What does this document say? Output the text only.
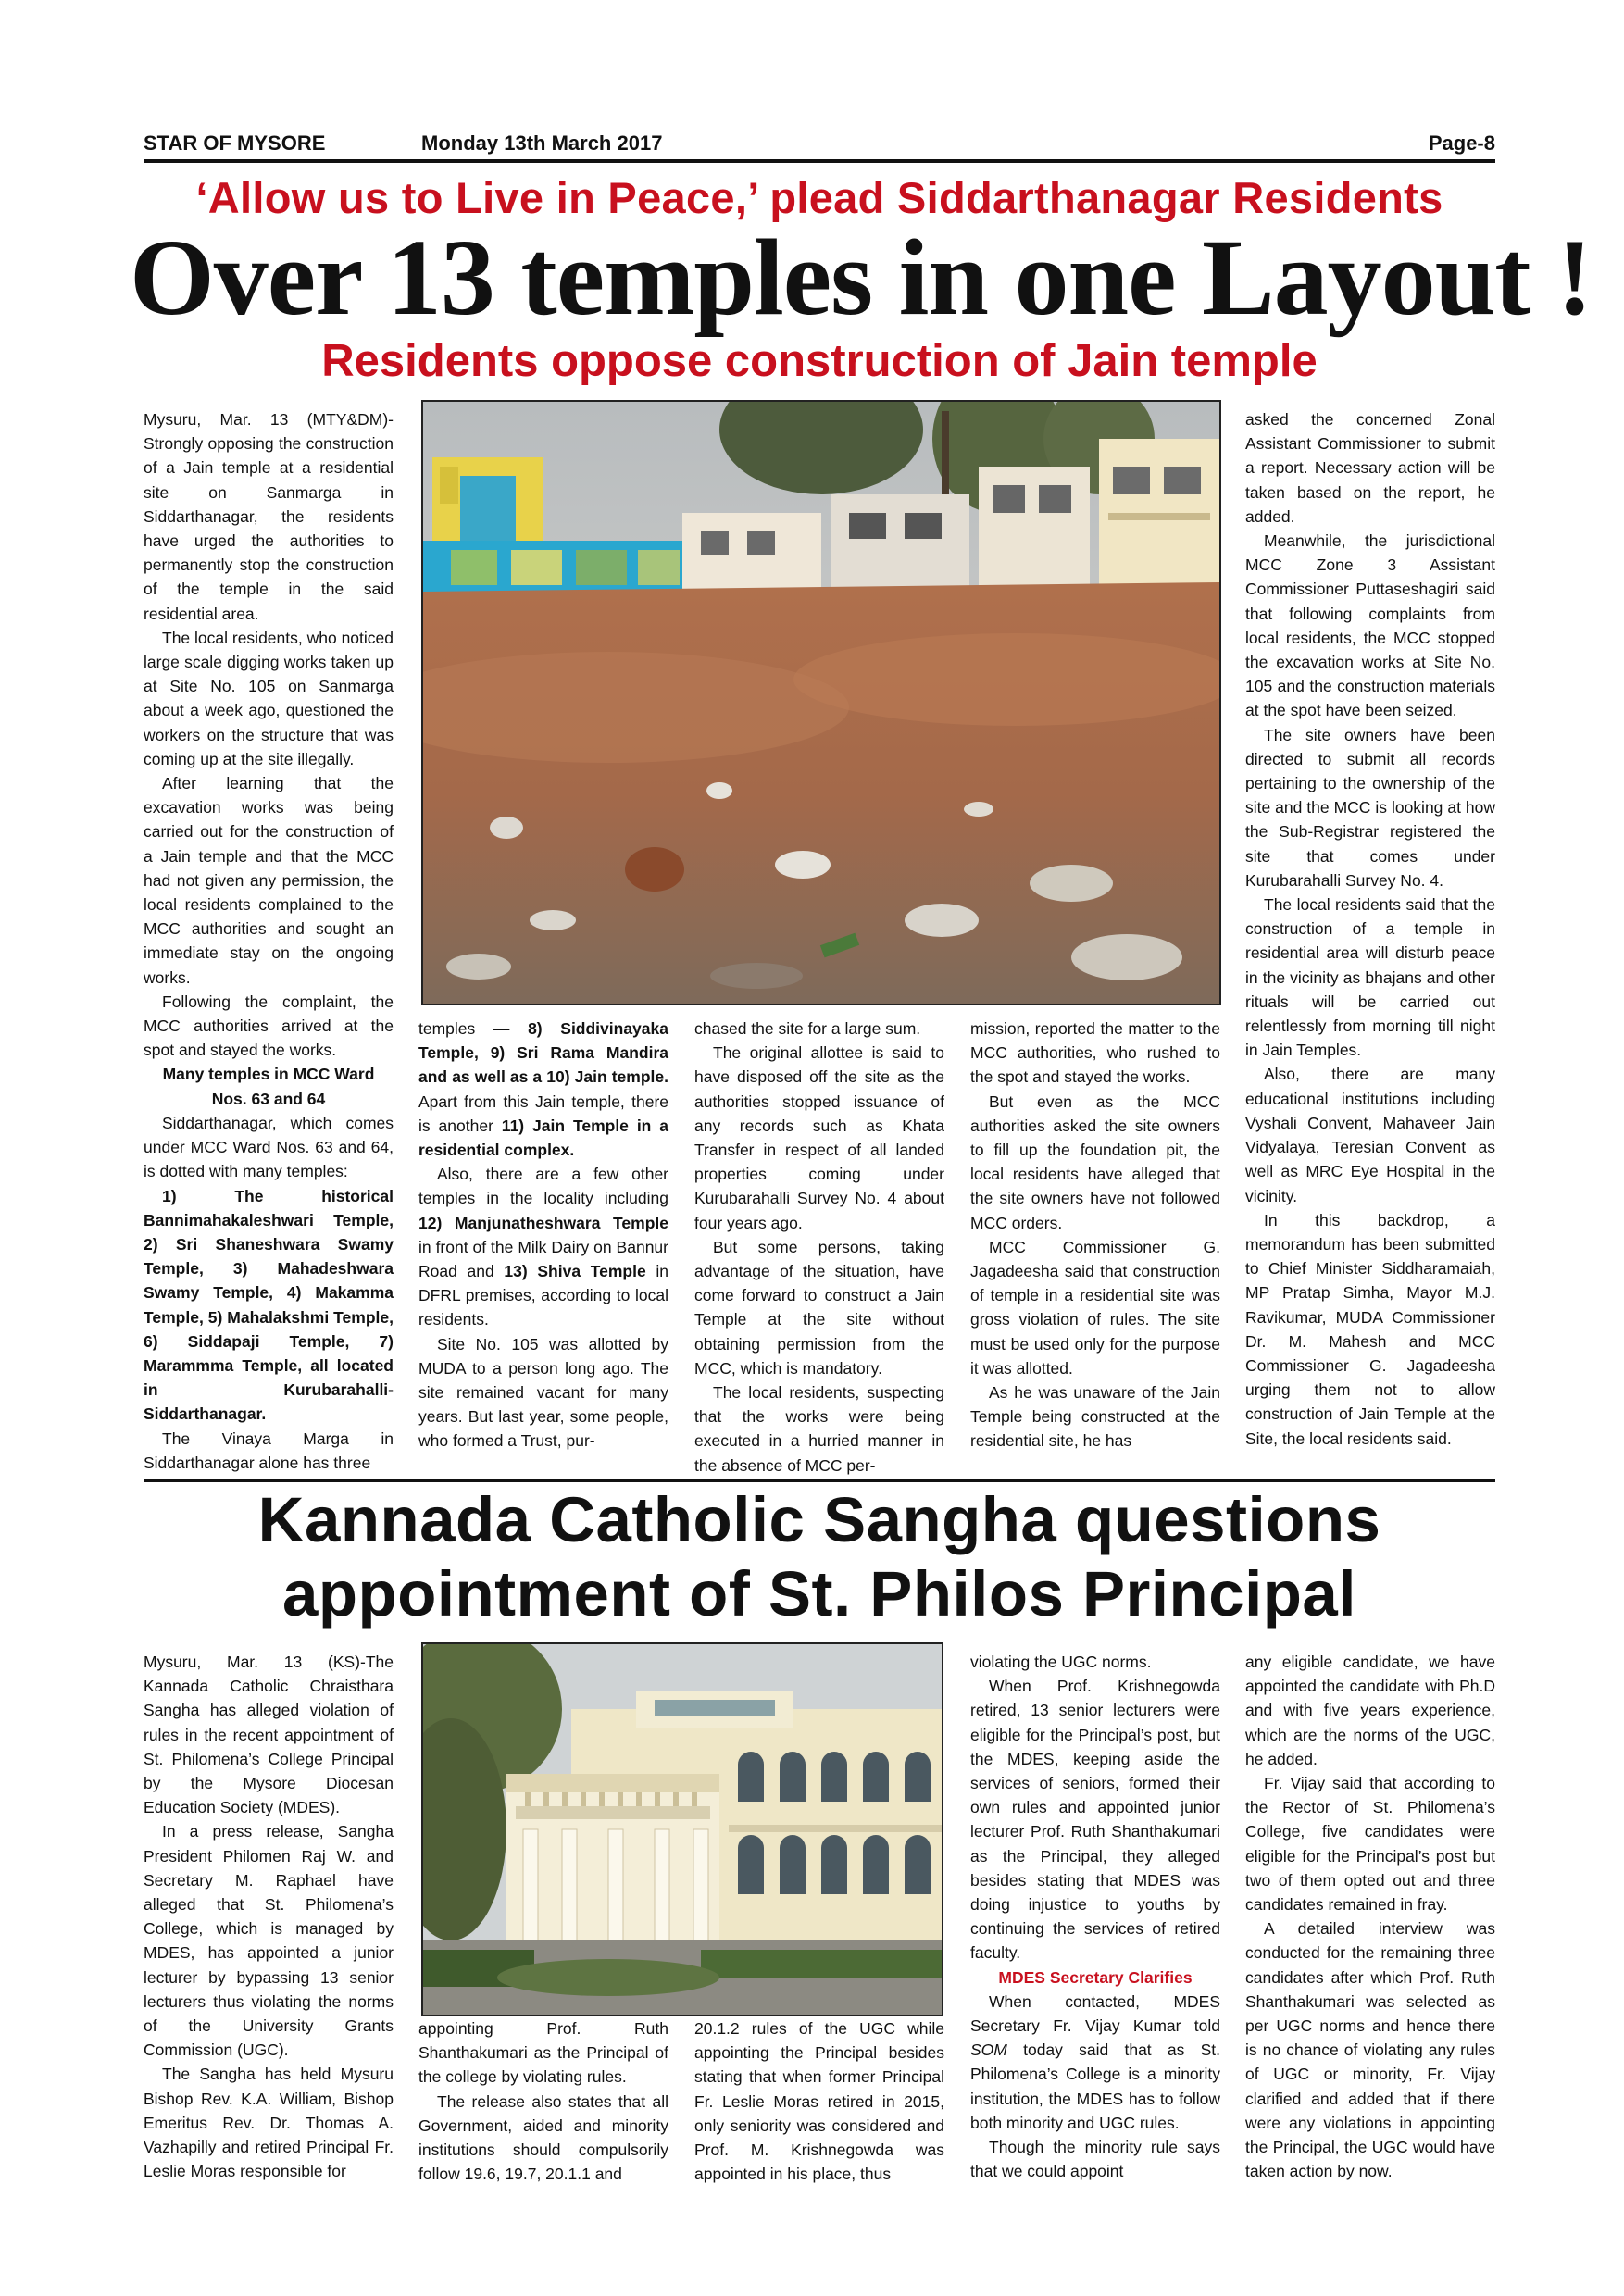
STAR OF MYSORE	Monday 13th March 2017	Page-8
‘Allow us to Live in Peace,’ plead Siddarthanagar Residents
Over 13 temples in one Layout !
Residents oppose construction of Jain temple

Mysuru, Mar. 13 (MTY&DM)- Strongly opposing the construction of a Jain temple at a residential site on Sanmarga in Siddarthanagar, the residents have urged the authorities to permanently stop the construction of the temple in the said residential area.

The local residents, who noticed large scale digging works taken up at Site No. 105 on Sanmarga about a week ago, questioned the workers on the structure that was coming up at the site illegally.

After learning that the excavation works was being carried out for the construction of a Jain temple and that the MCC had not given any permission, the local residents complained to the MCC authorities and sought an immediate stay on the ongoing works.

Following the complaint, the MCC authorities arrived at the spot and stayed the works.

Many temples in MCC Ward Nos. 63 and 64

Siddarthanagar, which comes under MCC Ward Nos. 63 and 64, is dotted with many temples:

1) The historical Bannimahakaleshwari Temple, 2) Sri Shaneshwara Swamy Temple, 3) Mahadeshwara Swamy Temple, 4) Makamma Temple, 5) Mahalakshmi Temple, 6) Siddapaji Temple, 7) Marammma Temple, all located in Kurubarahalli-Siddarthanagar.

The Vinaya Marga in Siddarthanagar alone has three

temples — 8) Siddivinayaka Temple, 9) Sri Rama Mandira and as well as a 10) Jain temple. Apart from this Jain temple, there is another 11) Jain Temple in a residential complex.

Also, there are a few other temples in the locality including 12) Manjunatheshwara Temple in front of the Milk Dairy on Bannur Road and 13) Shiva Temple in DFRL premises, according to local residents.

Site No. 105 was allotted by MUDA to a person long ago. The site remained vacant for many years. But last year, some people, who formed a Trust, pur-

chased the site for a large sum.

The original allottee is said to have disposed off the site as the authorities stopped issuance of any records such as Khata Transfer in respect of all landed properties coming under Kurubarahalli Survey No. 4 about four years ago.

But some persons, taking advantage of the situation, have come forward to construct a Jain Temple at the site without obtaining permission from the MCC, which is mandatory.

The local residents, suspecting that the works were being executed in a hurried manner in the absence of MCC per-

mission, reported the matter to the MCC authorities, who rushed to the spot and stayed the works.

But even as the MCC authorities asked the site owners to fill up the foundation pit, the local residents have alleged that the site owners have not followed MCC orders.

MCC Commissioner G. Jagadeesha said that construction of temple in a residential site was gross violation of rules. The site must be used only for the purpose it was allotted.

As he was unaware of the Jain Temple being constructed at the residential site, he has

asked the concerned Zonal Assistant Commissioner to submit a report. Necessary action will be taken based on the report, he added.

Meanwhile, the jurisdictional MCC Zone 3 Assistant Commissioner Puttaseshagiri said that following complaints from local residents, the MCC stopped the excavation works at Site No. 105 and the construction materials at the spot have been seized.

The site owners have been directed to submit all records pertaining to the ownership of the site and the MCC is looking at how the Sub-Registrar registered the site that comes under Kurubarahalli Survey No. 4.

The local residents said that the construction of a temple in residential area will disturb peace in the vicinity as bhajans and other rituals will be carried out relentlessly from morning till night in Jain Temples.

Also, there are many educational institutions including Vyshali Convent, Mahaveer Jain Vidyalaya, Teresian Convent as well as MRC Eye Hospital in the vicinity.

In this backdrop, a memorandum has been submitted to Chief Minister Siddharamaiah, MP Pratap Simha, Mayor M.J. Ravikumar, MUDA Commissioner Dr. M. Mahesh and MCC Commissioner G. Jagadeesha urging them not to allow construction of Jain Temple at the Site, the local residents said.

Kannada Catholic Sangha questions
appointment of St. Philos Principal

Mysuru, Mar. 13 (KS)-The Kannada Catholic Chraisthara Sangha has alleged violation of rules in the recent appointment of St. Philomena’s College Principal by the Mysore Diocesan Education Society (MDES).

In a press release, Sangha President Philomen Raj W. and Secretary M. Raphael have alleged that St. Philomena’s College, which is managed by MDES, has appointed a junior lecturer by bypassing 13 senior lecturers thus violating the norms of the University Grants Commission (UGC).

The Sangha has held Mysuru Bishop Rev. K.A. William, Bishop Emeritus Rev. Dr. Thomas A. Vazhapilly and retired Principal Fr. Leslie Moras responsible for

appointing Prof. Ruth Shanthakumari as the Principal of the college by violating rules.

The release also states that all Government, aided and minority institutions should compulsorily follow 19.6, 19.7, 20.1.1 and

20.1.2 rules of the UGC while appointing the Principal besides stating that when former Principal Fr. Leslie Moras retired in 2015, only seniority was considered and Prof. M. Krishnegowda was appointed in his place, thus

violating the UGC norms.

When Prof. Krishnegowda retired, 13 senior lecturers were eligible for the Principal’s post, but the MDES, keeping aside the services of seniors, formed their own rules and appointed junior lecturer Prof. Ruth Shanthakumari as the Principal, they alleged besides stating that MDES was doing injustice to youths by continuing the services of retired faculty.

MDES Secretary Clarifies

When contacted, MDES Secretary Fr. Vijay Kumar told SOM today said that as St. Philomena’s College is a minority institution, the MDES has to follow both minority and UGC rules.

Though the minority rule says that we could appoint

any eligible candidate, we have appointed the candidate with Ph.D and with five years experience, which are the norms of the UGC, he added.

Fr. Vijay said that according to the Rector of St. Philomena’s College, five candidates were eligible for the Principal’s post but two of them opted out and three candidates remained in fray.

A detailed interview was conducted for the remaining three candidates after which Prof. Ruth Shanthakumari was selected as per UGC norms and hence there is no chance of violating any rules of UGC or minority, Fr. Vijay clarified and added that if there were any violations in appointing the Principal, the UGC would have taken action by now.
